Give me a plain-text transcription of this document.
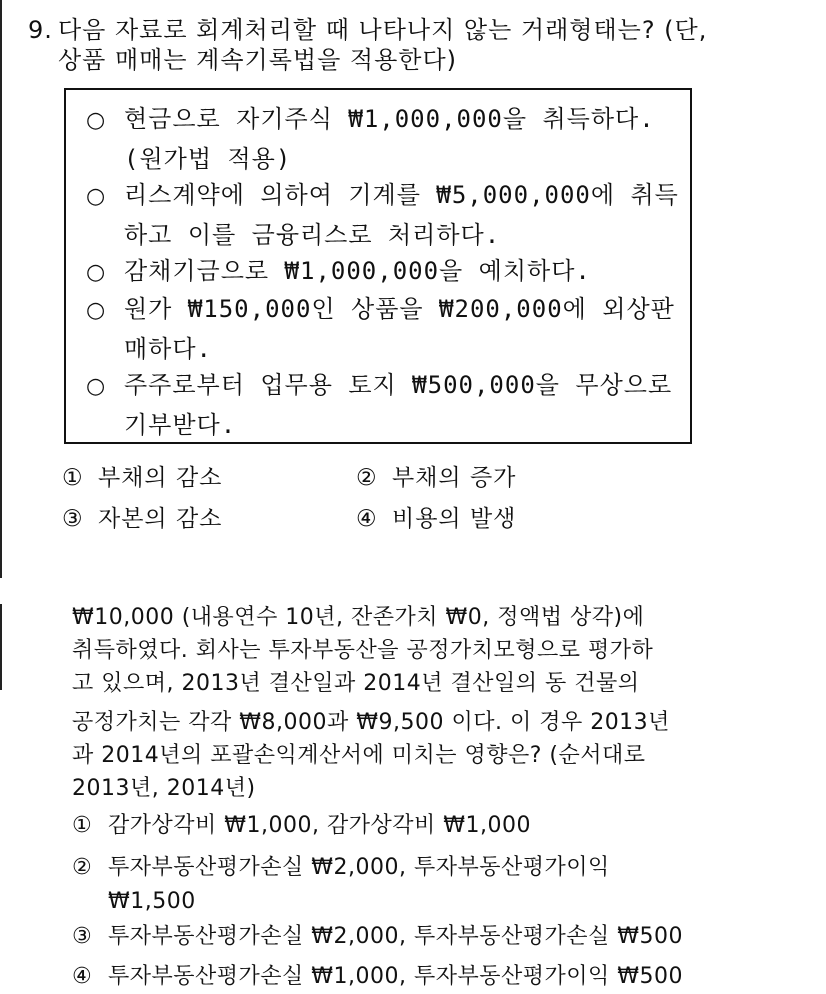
9. 다음 자료로 회계처리할 때 나타나지 않는 거래형태는? (단,
상품 매매는 계속기록법을 적용한다)
○ 현금으로 자기주식 ₩1,000,000을 취득하다.
(원가법 적용)
○ 리스계약에 의하여 기계를 ₩5,000,000에 취득
하고 이를 금융리스로 처리하다.
○ 감채기금으로 ₩1,000,000을 예치하다.
○ 원가 ₩150,000인 상품을 ₩200,000에 외상판
매하다.
○ 주주로부터 업무용 토지 ₩500,000을 무상으로
기부받다.
① 부채의 감소	② 부채의 증가
③ 자본의 감소	④ 비용의 발생
₩10,000 (내용연수 10년, 잔존가치 ₩0, 정액법 상각)에
취득하였다. 회사는 투자부동산을 공정가치모형으로 평가하
고 있으며, 2013년 결산일과 2014년 결산일의 동 건물의
공정가치는 각각 ₩8,000과 ₩9,500 이다. 이 경우 2013년
과 2014년의 포괄손익계산서에 미치는 영향은? (순서대로
2013년, 2014년)
① 감가상각비 ₩1,000, 감가상각비 ₩1,000
② 투자부동산평가손실 ₩2,000, 투자부동산평가이익
₩1,500
③ 투자부동산평가손실 ₩2,000, 투자부동산평가손실 ₩500
④ 투자부동산평가손실 ₩1,000, 투자부동산평가이익 ₩500
